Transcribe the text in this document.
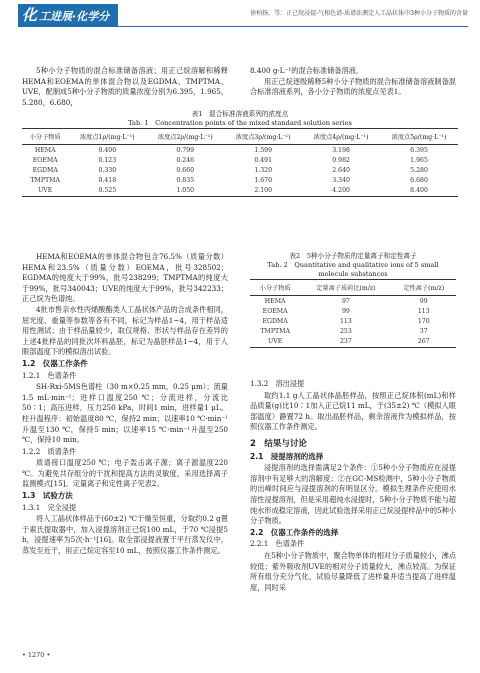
化 工进展·化学分册
徐柏扬，等：正己烷浸提-气相色谱-质谱法测定人工晶状体中3种小分子物质的含量

5种小分子物质的混合标准储备溶液；用正己烷溶解和稀释HEMA和EOEMA的单体混合物以及EGDMA、TMPTMA、UVE，配制成5种小分子物质的质量浓度分别为6.395，1.965，5.280，6.680，

8.400 g·L⁻¹的混合标准储备溶液。

用正己烷逐级稀释5种小分子物质的混合标准储备溶液制备混合标准溶液系列，各小分子物质的浓度点见表1。

表1　混合标准溶液系列的浓度点
Tab. 1　Concentration points of the mixed standard solution series
小分子物质	浓度点1ρ/(mg·L⁻¹)	浓度点2ρ/(mg·L⁻¹)	浓度点3ρ/(mg·L⁻¹)	浓度点4ρ/(mg·L⁻¹)	浓度点5ρ/(mg·L⁻¹)
HEMA	0.400	0.799	1.599	3.198	6.395
EOEMA	0.123	0.246	0.491	0.982	1.965
EGDMA	0.330	0.660	1.320	2.640	5.280
TMPTMA	0.418	0.835	1.670	3.340	6.680
UVE	0.525	1.050	2.100	4.200	8.400

HEMA和EOEMA的单体混合物包含76.5%（质量分数）HEMA和23.5%（质量分数）EOEMA，批号328502；EGDMA的纯度大于99%，批号238299；TMPTMA的纯度大于99%，批号340043；UVE的纯度大于99%，批号342233；正己烷为色谱纯。

4批市售亲水性丙烯酸酯类人工晶状体产品的合成条件相同，屈光度、重量等参数等各有不同，标记为样品1~4，用于样品适用性测试；由于样品量较少，取仅规格、形状与样品存在差异的上述4批样品的同批次坏料晶胚，标记为晶胚样品1~4，用于人眼部温度下的模拟溶出试验。

1.2　仪器工作条件
1.2.1　色谱条件

SH-Rxi-5MS色谱柱（30 m×0.25 mm，0.25 μm）；流量1.5 mL·min⁻¹；进样口温度250 ℃；分流进样，分流比50∶1；高压进样，压力250 kPa，时间1 min，进样量1 μL。柱升温程序：初始温度80 ℃，保持2 min；以速率10 ℃·min⁻¹升温至130 ℃，保持5 min；以速率15 ℃·min⁻¹升温至250 ℃，保持10 min。

1.2.2　质谱条件

质谱接口温度250 ℃；电子轰击离子源；离子源温度220 ℃。为避免共存组分的干扰和提高方法的灵敏度，采用选择离子监测模式[15]。定量离子和定性离子见表2。

1.3　试验方法
1.3.1　完全浸提

将人工晶状体样品于(60±2) ℃干燥至恒重，分取约0.2 g置于索氏提取器中，加入浸提溶剂正己烷100 mL，于70 ℃浸提5 h，浸提速率为5次·h⁻¹[16]。取全部浸提液置于平行蒸发仪中，蒸发至近干，用正己烷定容至10 mL，按照仪器工作条件测定。

表2　5种小分子物质的定量离子和定性离子
Tab. 2　Quantitative and qualitative ions of 5 small
molecule substances
小分子物质	定量离子质荷比(m/z)	定性离子(m/z)
HEMA	97	99
EOEMA	99	113
EGDMA	113	170
TMPTMA	253	37
UVE	237	267
1.3.2　溶出浸提

取约1.1 g人工晶状体晶胚样品，按照正己烷体积(mL)和样品质量(g)比10∶1加入正己烷11 mL，于(35±2) ℃（模拟人眼部温度）静置72 h。取出晶胚样品，剩余溶液作为模拟样品，按照仪器工作条件测定。

2　结果与讨论
2.1　浸提溶剂的选择

浸提溶剂的选择需满足2个条件：①5种小分子物质应在浸提溶剂中有足够大的溶解度；②在GC-MS检测中，5种小分子物质的出峰时间应与浸提溶剂的有明显区分。模拟生理条件应使用水溶性浸提溶剂，但是采用超纯水浸提时，5种小分子物质不能与超纯水形成稳定溶液，因此试验选择采用正己烷浸提样品中的5种小分子物质。

2.2　仪器工作条件的选择
2.2.1　色谱条件

在5种小分子物质中，聚合物单体的相对分子质量较小，沸点较低；紫外吸收剂UVE的相对分子质量较大，沸点较高。为保证所有组分充分气化，试验尽量降低了进样量并适当提高了进样温度，同时采

• 1270 •
